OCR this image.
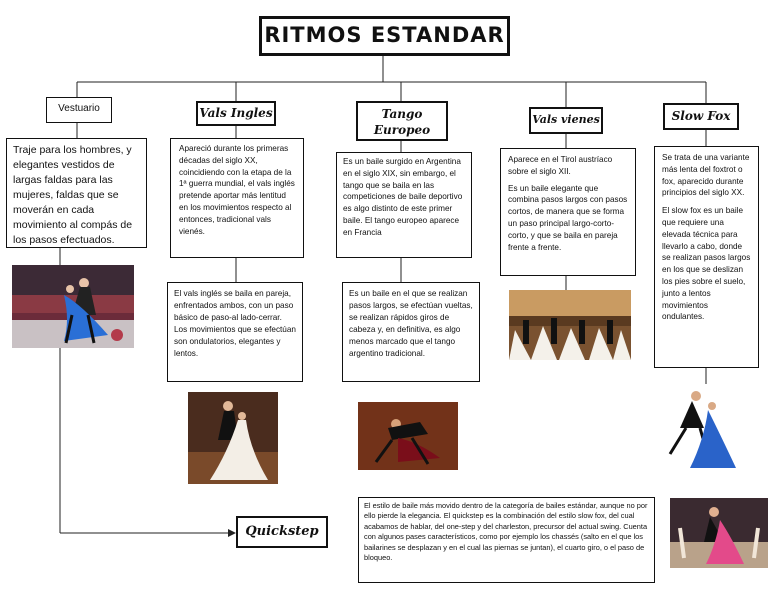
RITMOS ESTANDAR
Vestuario

Traje para los hombres, y elegantes vestidos de largas faldas para las mujeres, faldas que se moverán en cada movimiento al compás de los pasos efectuados.

Vals Ingles

Apareció durante los primeras décadas del siglo XX, coincidiendo con la etapa de la 1ª guerra mundial, el vals inglés pretende aportar más lentitud en los movimientos respecto al entonces, tradicional vals vienés.

El vals inglés se baila en pareja, enfrentados ambos, con un paso básico de paso-al lado-cerrar. Los movimientos que se efectúan son ondulatorios, elegantes y lentos.

Tango Europeo

Es un baile surgido en Argentina en el siglo XIX, sin embargo, el tango que se baila en las competiciones de baile deportivo es algo distinto de este primer baile. El tango europeo aparece en Francia

Es un baile en el que se realizan pasos largos, se efectúan vueltas, se realizan rápidos giros de cabeza y, en definitiva, es algo menos marcado que el tango argentino tradicional.

Vals vienes

Aparece en el Tirol austríaco sobre el siglo XII.

Es un baile elegante que combina pasos largos con pasos cortos, de manera que se forma un paso principal largo-corto-corto, y que se baila en pareja frente a frente.

Slow Fox

Se trata de una variante más lenta del foxtrot o fox, aparecido durante principios del siglo XX.

El slow fox es un baile que requiere una elevada técnica para llevarlo a cabo, donde se realizan pasos largos en los que se deslizan los pies sobre el suelo, junto a lentos movimientos ondulantes.

Quickstep

El estilo de baile más movido dentro de la categoría de bailes estándar, aunque no por ello pierde la elegancia. El quickstep es la combinación del estilo slow fox, del cual acabamos de hablar, del one-step y del charleston, precursor del actual swing. Cuenta con algunos pases característicos, como por ejemplo los chassés (salto en el que los bailarines se desplazan y en el cual las piernas se juntan), el cuarto giro, o el paso de bloqueo.
